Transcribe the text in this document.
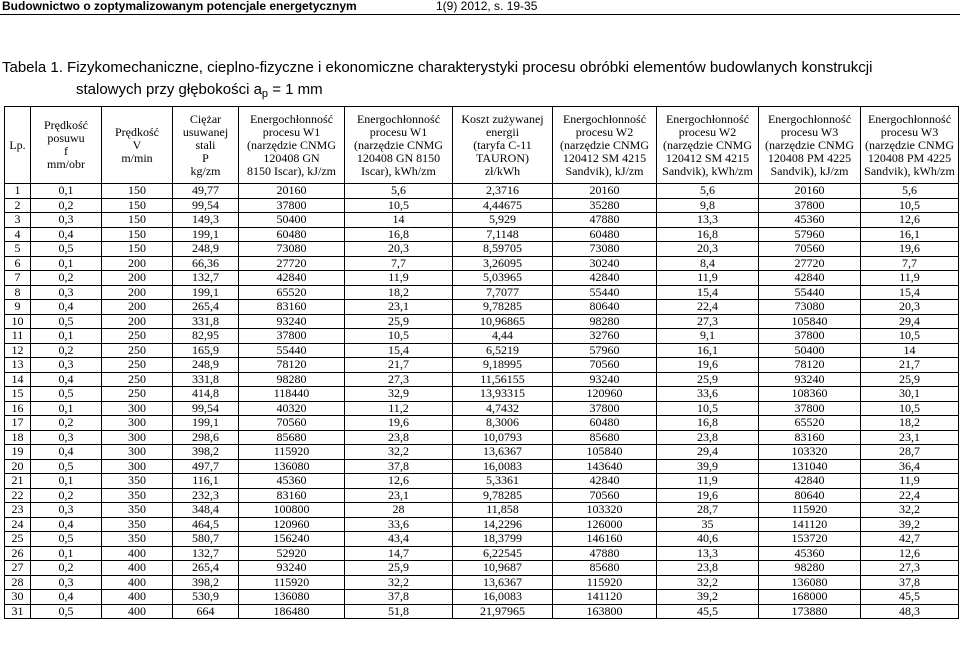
Budownictwo o zoptymalizowanym potencjale energetycznym	1(9) 2012, s. 19-35
Tabela 1. Fizykomechaniczne, cieplno-fizyczne i ekonomiczne charakterystyki procesu obróbki elementów budowlanych konstrukcji
stalowych przy głębokości $a_p = 1$ mm
Lp.	Prędkość
posuwu
f
mm/obr	Prędkość
V
m/min	Ciężar
usuwanej
stali
P
kg/zm	Energochłonność
procesu W1
(narzędzie CNMG
120408 GN
8150 Iscar), kJ/zm	Energochłonność
procesu W1
(narzędzie CNMG
120408 GN 8150
Iscar), kWh/zm	Koszt zużywanej
energii
(taryfa C-11
TAURON)
zł/kWh	Energochłonność
procesu W2
(narzędzie CNMG
120412 SM 4215
Sandvik), kJ/zm	Energochłonność
procesu W2
(narzędzie CNMG
120412 SM 4215
Sandvik), kWh/zm	Energochłonność
procesu W3
(narzędzie CNMG
120408 PM 4225
Sandvik), kJ/zm	Energochłonność
procesu W3
(narzędzie CNMG
120408 PM 4225
Sandvik), kWh/zm

1	0,1	150	49,77	20160	5,6	2,3716	20160	5,6	20160	5,6
2	0,2	150	99,54	37800	10,5	4,44675	35280	9,8	37800	10,5
3	0,3	150	149,3	50400	14	5,929	47880	13,3	45360	12,6
4	0,4	150	199,1	60480	16,8	7,1148	60480	16,8	57960	16,1
5	0,5	150	248,9	73080	20,3	8,59705	73080	20,3	70560	19,6
6	0,1	200	66,36	27720	7,7	3,26095	30240	8,4	27720	7,7
7	0,2	200	132,7	42840	11,9	5,03965	42840	11,9	42840	11,9
8	0,3	200	199,1	65520	18,2	7,7077	55440	15,4	55440	15,4
9	0,4	200	265,4	83160	23,1	9,78285	80640	22,4	73080	20,3
10	0,5	200	331,8	93240	25,9	10,96865	98280	27,3	105840	29,4
11	0,1	250	82,95	37800	10,5	4,44	32760	9,1	37800	10,5
12	0,2	250	165,9	55440	15,4	6,5219	57960	16,1	50400	14
13	0,3	250	248,9	78120	21,7	9,18995	70560	19,6	78120	21,7
14	0,4	250	331,8	98280	27,3	11,56155	93240	25,9	93240	25,9
15	0,5	250	414,8	118440	32,9	13,93315	120960	33,6	108360	30,1
16	0,1	300	99,54	40320	11,2	4,7432	37800	10,5	37800	10,5
17	0,2	300	199,1	70560	19,6	8,3006	60480	16,8	65520	18,2
18	0,3	300	298,6	85680	23,8	10,0793	85680	23,8	83160	23,1
19	0,4	300	398,2	115920	32,2	13,6367	105840	29,4	103320	28,7
20	0,5	300	497,7	136080	37,8	16,0083	143640	39,9	131040	36,4
21	0,1	350	116,1	45360	12,6	5,3361	42840	11,9	42840	11,9
22	0,2	350	232,3	83160	23,1	9,78285	70560	19,6	80640	22,4
23	0,3	350	348,4	100800	28	11,858	103320	28,7	115920	32,2
24	0,4	350	464,5	120960	33,6	14,2296	126000	35	141120	39,2
25	0,5	350	580,7	156240	43,4	18,3799	146160	40,6	153720	42,7
26	0,1	400	132,7	52920	14,7	6,22545	47880	13,3	45360	12,6
27	0,2	400	265,4	93240	25,9	10,9687	85680	23,8	98280	27,3
28	0,3	400	398,2	115920	32,2	13,6367	115920	32,2	136080	37,8
30	0,4	400	530,9	136080	37,8	16,0083	141120	39,2	168000	45,5
31	0,5	400	664	186480	51,8	21,97965	163800	45,5	173880	48,3
